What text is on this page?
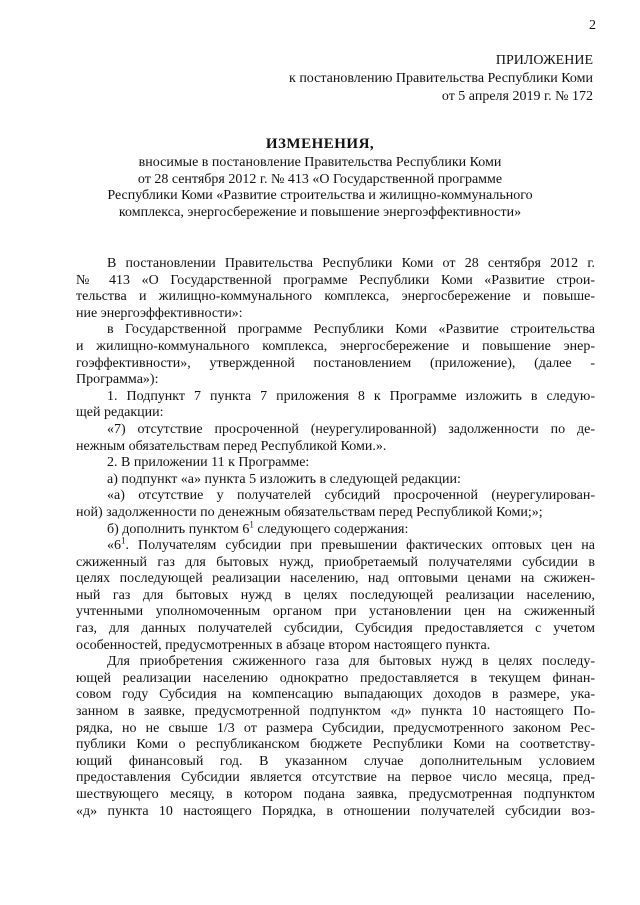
2
ПРИЛОЖЕНИЕ
к постановлению Правительства Республики Коми
от 5 апреля 2019 г. № 172
ИЗМЕНЕНИЯ,
вносимые в постановление Правительства Республики Коми
от 28 сентября 2012 г. № 413 «О Государственной программе
Республики Коми «Развитие строительства и жилищно-коммунального
комплекса, энергосбережение и повышение энергоэффективности»
В постановлении Правительства Республики Коми от 28 сентября 2012 г.
№ 413 «О Государственной программе Республики Коми «Развитие строи-
тельства и жилищно-коммунального комплекса, энергосбережение и повыше-
ние энергоэффективности»:
в Государственной программе Республики Коми «Развитие строительства
и жилищно-коммунального комплекса, энергосбережение и повышение энер-
гоэффективности», утвержденной постановлением (приложение), (далее -
Программа»):
1. Подпункт 7 пункта 7 приложения 8 к Программе изложить в следую-
щей редакции:
«7) отсутствие просроченной (неурегулированной) задолженности по де-
нежным обязательствам перед Республикой Коми.».
2. В приложении 11 к Программе:
а) подпункт «а» пункта 5 изложить в следующей редакции:
«а) отсутствие у получателей субсидий просроченной (неурегулирован-
ной) задолженности по денежным обязательствам перед Республикой Коми;»;
б) дополнить пунктом $6^1$ следующего содержания:
«$6^1$. Получателям субсидии при превышении фактических оптовых цен на
сжиженный газ для бытовых нужд, приобретаемый получателями субсидии в
целях последующей реализации населению, над оптовыми ценами на сжижен-
ный газ для бытовых нужд в целях последующей реализации населению,
учтенными уполномоченным органом при установлении цен на сжиженный
газ, для данных получателей субсидии, Субсидия предоставляется с учетом
особенностей, предусмотренных в абзаце втором настоящего пункта.
Для приобретения сжиженного газа для бытовых нужд в целях последу-
ющей реализации населению однократно предоставляется в текущем финан-
совом году Субсидия на компенсацию выпадающих доходов в размере, ука-
занном в заявке, предусмотренной подпунктом «д» пункта 10 настоящего По-
рядка, но не свыше 1/3 от размера Субсидии, предусмотренного законом Рес-
публики Коми о республиканском бюджете Республики Коми на соответству-
ющий финансовый год. В указанном случае дополнительным условием
предоставления Субсидии является отсутствие на первое число месяца, пред-
шествующего месяцу, в котором подана заявка, предусмотренная подпунктом
«д» пункта 10 настоящего Порядка, в отношении получателей субсидии воз-
